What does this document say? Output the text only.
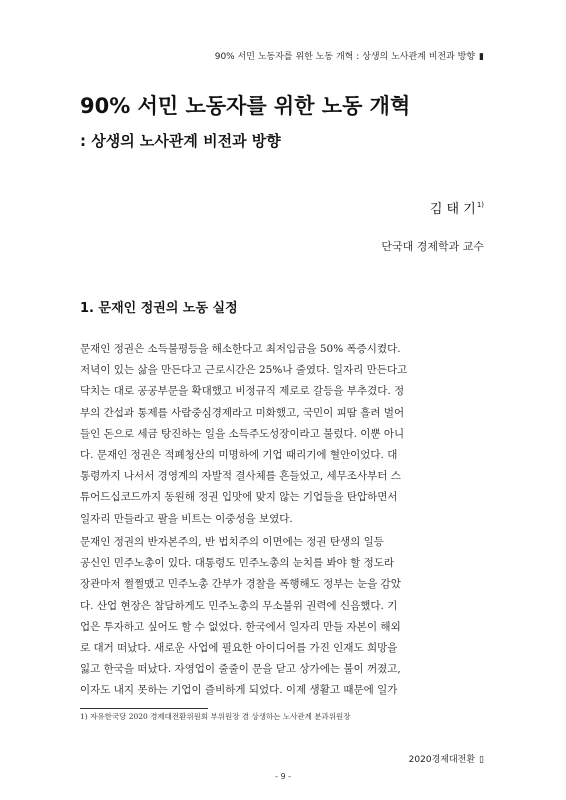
90% 서민 노동자를 위한 노동 개혁 : 상생의 노사관계 비전과 방향 ▮
90% 서민 노동자를 위한 노동 개혁
: 상생의 노사관계 비전과 방향
김 태 기$^{1)}$
단국대 경제학과 교수
1. 문재인 정권의 노동 실정

문재인 정권은 소득불평등을 해소한다고 최저임금을 50% 폭증시켰다.
저녁이 있는 삶을 만든다고 근로시간은 25%나 줄였다. 일자리 만든다고
닥치는 대로 공공부문을 확대했고 비정규직 제로로 갈등을 부추겼다. 정
부의 간섭과 통제를 사람중심경제라고 미화했고, 국민이 피땀 흘려 벌어
들인 돈으로 세금 탕진하는 일을 소득주도성장이라고 불렀다. 이뿐 아니
다. 문재인 정권은 적폐청산의 미명하에 기업 때리기에 혈안이었다. 대
통령까지 나서서 경영계의 자발적 결사체를 흔들었고, 세무조사부터 스
튜어드십코드까지 동원해 정권 입맛에 맞지 않는 기업들을 탄압하면서
일자리 만들라고 팔을 비트는 이중성을 보였다.

문재인 정권의 반자본주의, 반 법치주의 이면에는 정권 탄생의 일등
공신인 민주노총이 있다. 대통령도 민주노총의 눈치를 봐야 할 정도라
장관마저 쩔쩔맸고 민주노총 간부가 경찰을 폭행해도 정부는 눈을 감았
다. 산업 현장은 참담하게도 민주노총의 무소불위 권력에 신음했다. 기
업은 투자하고 싶어도 할 수 없었다. 한국에서 일자리 만들 자본이 해외
로 대거 떠났다. 새로운 사업에 필요한 아이디어를 가진 인재도 희망을
잃고 한국을 떠났다. 자영업이 줄줄이 문을 닫고 상가에는 불이 꺼졌고,
이자도 내지 못하는 기업이 즐비하게 되었다. 이제 생활고 때문에 일가

1) 자유한국당 2020 경제대전환위원회 부위원장 겸 상생하는 노사관계 분과위원장
2020경제대전환 ▯
- 9 -
